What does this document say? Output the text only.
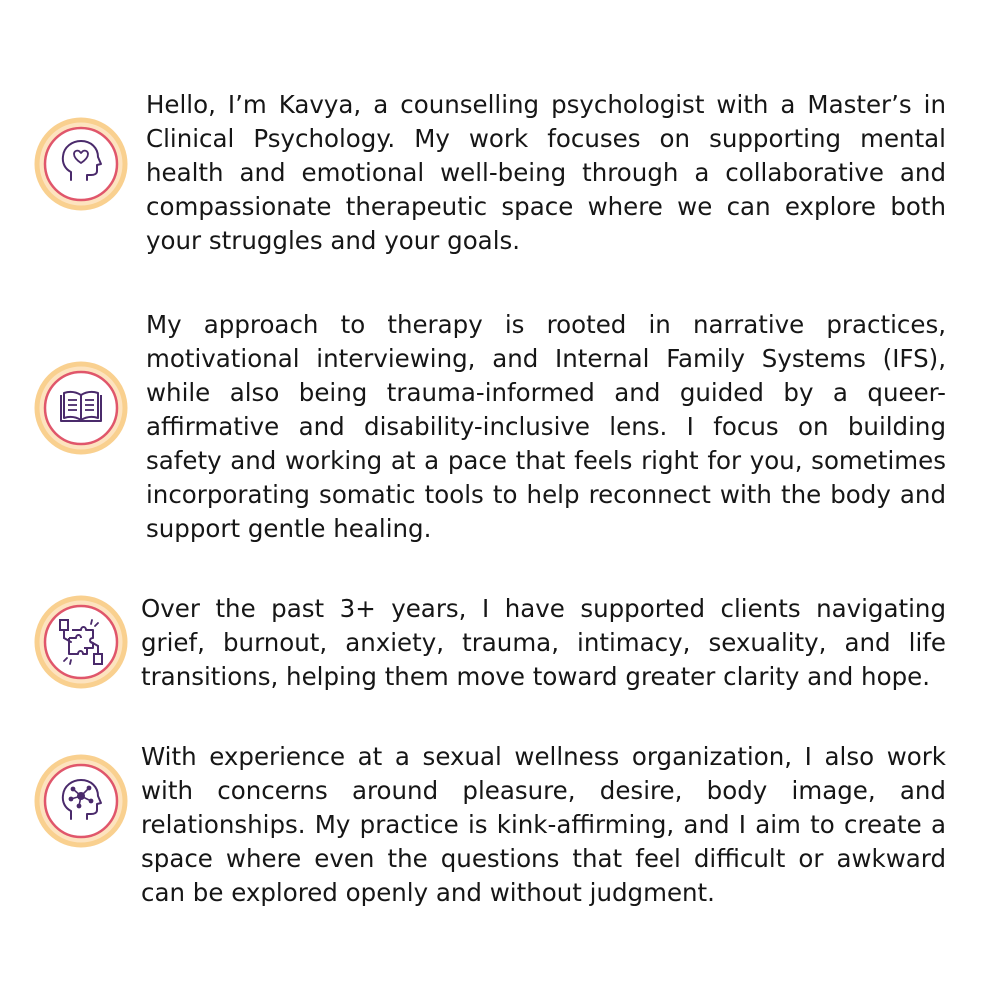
Hello, I’m Kavya, a counselling psychologist with a Master’s in Clinical Psychology. My work focuses on supporting mental health and emotional well-being through a collaborative and compassionate therapeutic space where we can explore both your struggles and your goals.

My approach to therapy is rooted in narrative practices, motivational interviewing, and Internal Family Systems (IFS), while also being trauma-informed and guided by a queer-affirmative and disability-inclusive lens. I focus on building safety and working at a pace that feels right for you, sometimes incorporating somatic tools to help reconnect with the body and support gentle healing.

Over the past 3+ years, I have supported clients navigating grief, burnout, anxiety, trauma, intimacy, sexuality, and life transitions, helping them move toward greater clarity and hope.

With experience at a sexual wellness organization, I also work with concerns around pleasure, desire, body image, and relationships. My practice is kink-affirming, and I aim to create a space where even the questions that feel difficult or awkward can be explored openly and without judgment.
